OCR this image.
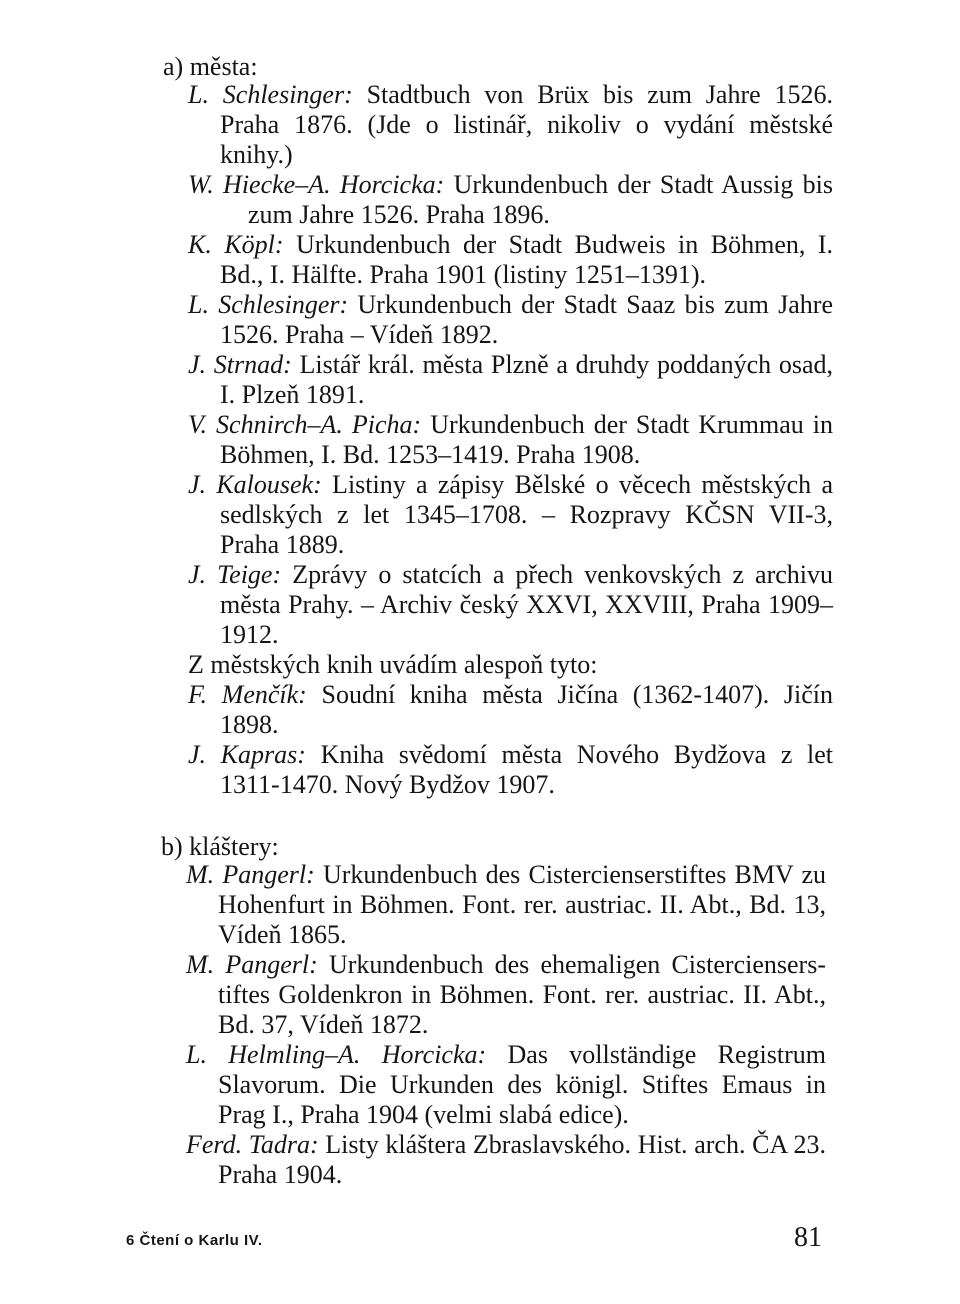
a) města:

L. Schlesinger: Stadtbuch von Brüx bis zum Jahre 1526. Praha 1876. (Jde o listinář, nikoliv o vydání městské knihy.)

W. Hiecke–A. Horcicka: Urkundenbuch der Stadt Aussig bis zum Jahre 1526. Praha 1896.

K. Köpl: Urkundenbuch der Stadt Budweis in Böhmen, I. Bd., I. Hälfte. Praha 1901 (listiny 1251–1391).

L. Schlesinger: Urkundenbuch der Stadt Saaz bis zum Jahre 1526. Praha – Vídeň 1892.

J. Strnad: Listář král. města Plzně a druhdy poddaných osad, I. Plzeň 1891.

V. Schnirch–A. Picha: Urkundenbuch der Stadt Krummau in Böhmen, I. Bd. 1253–1419. Praha 1908.

J. Kalousek: Listiny a zápisy Bělské o věcech městských a sedlských z let 1345–1708. – Rozpravy KČSN VII-3, Praha 1889.

J. Teige: Zprávy o statcích a přech venkovských z archivu města Prahy. – Archiv český XXVI, XXVIII, Praha 1909–1912.

Z městských knih uvádím alespoň tyto:

F. Menčík: Soudní kniha města Jičína (1362-1407). Jičín 1898.

J. Kapras: Kniha svědomí města Nového Bydžova z let 1311-1470. Nový Bydžov 1907.

b) kláštery:

M. Pangerl: Urkundenbuch des Cistercienserstiftes BMV zu Hohenfurt in Böhmen. Font. rer. austriac. II. Abt., Bd. 13, Vídeň 1865.

M. Pangerl: Urkundenbuch des ehemaligen Cistercienserstiftes Goldenkron in Böhmen. Font. rer. austriac. II. Abt., Bd. 37, Vídeň 1872.

L. Helmling–A. Horcicka: Das vollständige Registrum Slavorum. Die Urkunden des königl. Stiftes Emaus in Prag I., Praha 1904 (velmi slabá edice).

Ferd. Tadra: Listy kláštera Zbraslavského. Hist. arch. ČA 23. Praha 1904.

6 Čtení o Karlu IV.	81
